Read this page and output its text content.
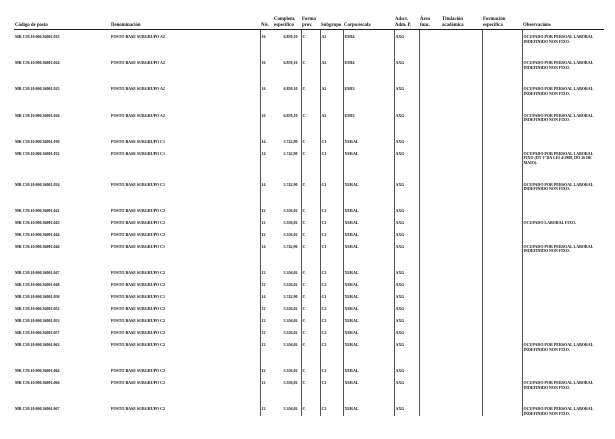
Código de posto	Denominación	Nív.	Complem. específico	Forma prov.	Subgrupo	Corpo/escala	Adscr. Adm. P.	Área func.	Titulación académica	Formación específica	Observacións

MR C59.10.000.36001.023	POSTO BASE SUBGRUPO A2	16	6.859,10	C	A2	EMI4	AXG				OCUPADO POR PERSOAL LABORAL INDEFINIDO NON FIXO.

MR C59.10.000.36001.024	POSTO BASE SUBGRUPO A2	16	6.859,10	C	A2	EMI4	AXG				OCUPADO POR PERSOAL LABORAL INDEFINIDO NON FIXO.

MR C59.10.000.36001.025	POSTO BASE SUBGRUPO A2	16	6.859,10	C	A2	EMI3	AXG				OCUPADO POR PERSOAL LABORAL INDEFINIDO NON FIXO.

MR C59.10.000.36001.026	POSTO BASE SUBGRUPO A2	16	6.859,10	C	A2	EMI3	AXG				OCUPADO POR PERSOAL LABORAL INDEFINIDO NON FIXO.

MR C59.10.000.36001.030	POSTO BASE SUBGRUPO C1	14	5.742,90	C	C1	XERAL	AXG				

MR C59.10.000.36001.032	POSTO BASE SUBGRUPO C1	14	5.742,90	C	C1	XERAL	AXG				OCUPADO POR PERSOAL LABORAL FIXO (DT 1ª DA LEI 4/1988, DO 26 DE MAIO).

MR C59.10.000.36001.034	POSTO BASE SUBGRUPO C1	14	5.742,90	C	C1	XERAL	AXG				OCUPADO POR PERSOAL LABORAL INDEFINIDO NON FIXO.

MR C59.10.000.36001.041	POSTO BASE SUBGRUPO C2	12	5.356,02	C	C2	XERAL	AXG				

MR C59.10.000.36001.043	POSTO BASE SUBGRUPO C2	12	5.356,02	C	C2	XERAL	AXG				OCUPADO LABORAL FIXO.

MR C59.10.000.36001.044	POSTO BASE SUBGRUPO C2	12	5.356,02	C	C2	XERAL	AXG				

MR C59.10.000.36001.046	POSTO BASE SUBGRUPO C1	14	5.742,90	C	C1	XERAL	AXG				OCUPADO POR PERSOAL LABORAL INDEFINIDO NON FIXO.

MR C59.10.000.36001.047	POSTO BASE SUBGRUPO C2	12	5.356,02	C	C2	XERAL	AXG				

MR C59.10.000.36001.048	POSTO BASE SUBGRUPO C2	12	5.356,02	C	C2	XERAL	AXG				

MR C59.10.000.36001.050	POSTO BASE SUBGRUPO C1	14	5.742,90	C	C1	XERAL	AXG				

MR C59.10.000.36001.052	POSTO BASE SUBGRUPO C2	12	5.356,02	C	C2	XERAL	AXG				

MR C59.10.000.36001.053	POSTO BASE SUBGRUPO C2	12	5.356,02	C	C2	XERAL	AXG				

MR C59.10.000.36001.057	POSTO BASE SUBGRUPO C2	12	5.356,02	C	C2	XERAL	AXG				

MR C59.10.000.36001.062	POSTO BASE SUBGRUPO C2	12	5.356,02	C	C2	XERAL	AXG				OCUPADO POR PERSOAL LABORAL INDEFINIDO NON FIXO.

MR C59.10.000.36001.064	POSTO BASE SUBGRUPO C2	12	5.356,02	C	C2	XERAL	AXG				

MR C59.10.000.36001.066	POSTO BASE SUBGRUPO C2	12	5.356,02	C	C2	XERAL	AXG				OCUPADO POR PERSOAL LABORAL INDEFINIDO NON FIXO.

MR C59.10.000.36001.067	POSTO BASE SUBGRUPO C2	12	5.356,02	C	C2	XERAL	AXG				OCUPADO POR PERSOAL LABORAL INDEFINIDO NON FIXO.
